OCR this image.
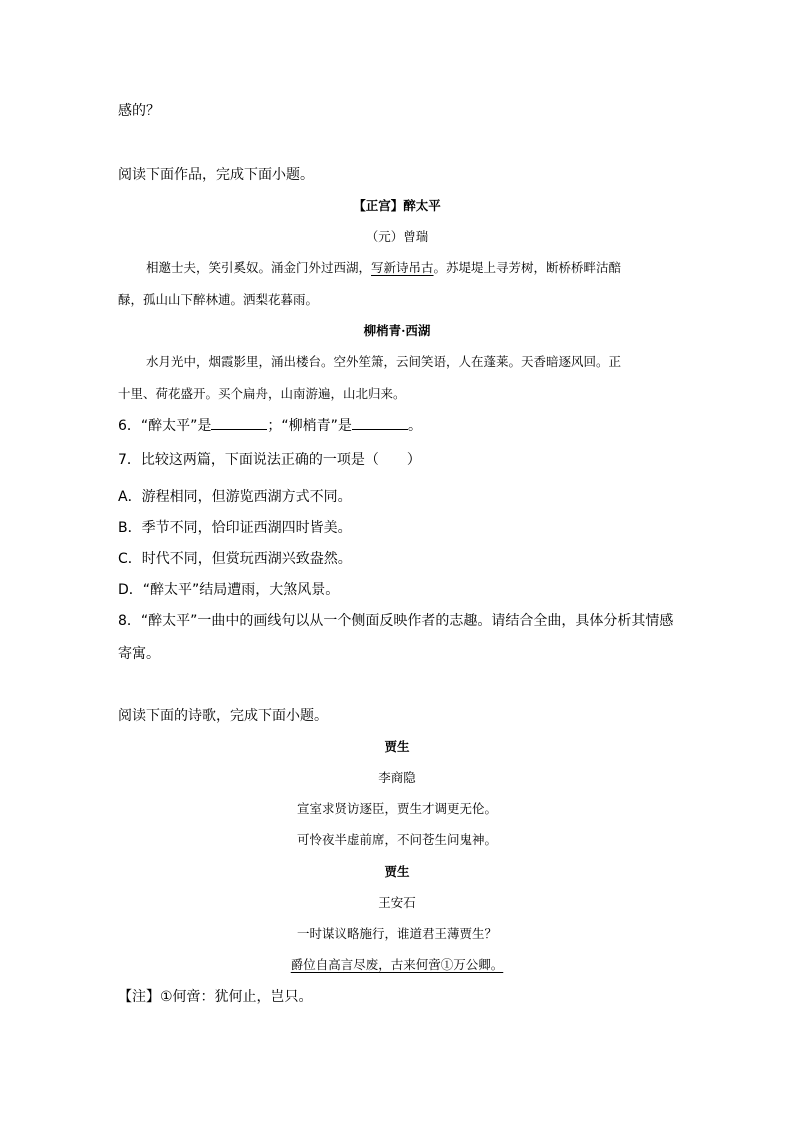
感的？
阅读下面作品，完成下面小题。
【正宫】醉太平
（元）曾瑞
相邀士夫，笑引奚奴。涌金门外过西湖，写新诗吊古。苏堤堤上寻芳树，断桥桥畔沽醅
醁，孤山山下醉林逋。洒梨花暮雨。
柳梢青·西湖
水月光中，烟霞影里，涌出楼台。空外笙箫，云间笑语，人在蓬莱。天香暗逐风回。正
十里、荷花盛开。买个扁舟，山南游遍，山北归来。
6．“醉太平”是	；“柳梢青”是	。
7．比较这两篇，下面说法正确的一项是（　　）
A．游程相同，但游览西湖方式不同。
B．季节不同，恰印证西湖四时皆美。
C．时代不同，但赏玩西湖兴致盎然。
D．“醉太平”结局遭雨，大煞风景。
8．“醉太平”一曲中的画线句以从一个侧面反映作者的志趣。请结合全曲，具体分析其情感
寄寓。
阅读下面的诗歌，完成下面小题。
贾生
李商隐
宣室求贤访逐臣，贾生才调更无伦。
可怜夜半虚前席，不问苍生问鬼神。
贾生
王安石
一时谋议略施行，谁道君王薄贾生？
爵位自高言尽废，古来何啻①万公卿。
【注】①何啻：犹何止，岂只。
